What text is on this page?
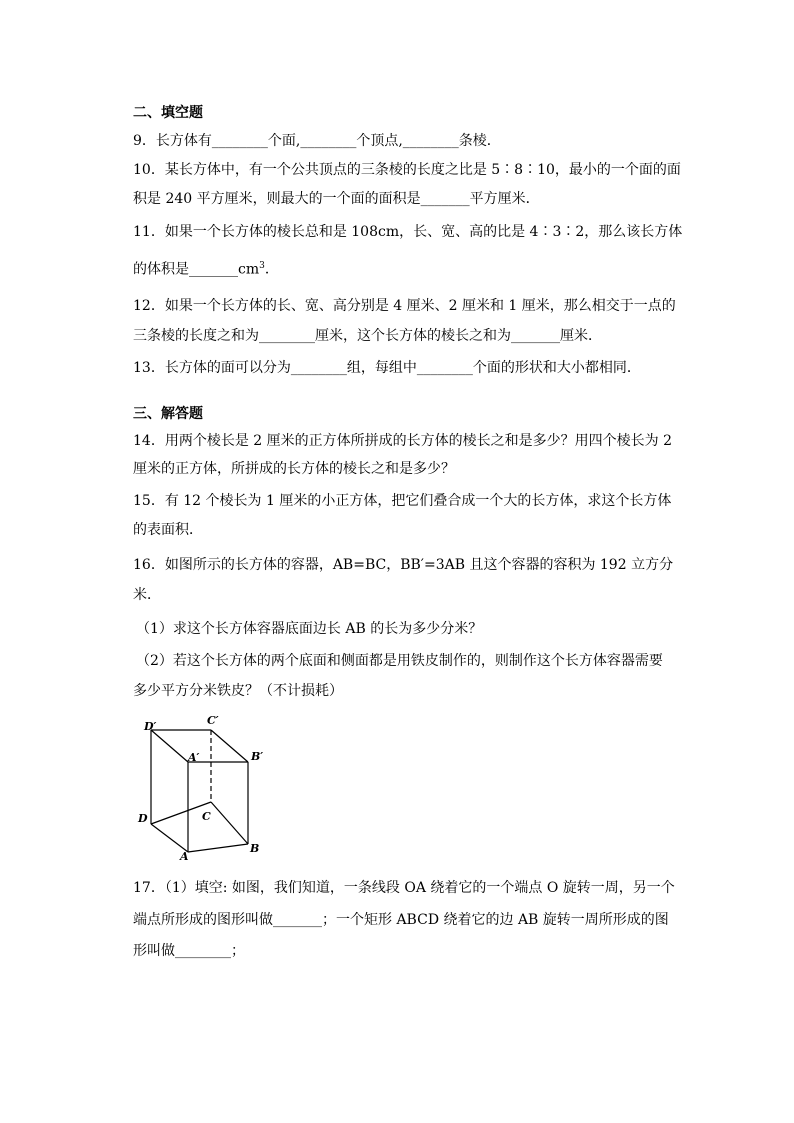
二、填空题
9．长方体有________个面,________个顶点,________条棱．
10．某长方体中，有一个公共顶点的三条棱的长度之比是 5∶8∶10，最小的一个面的面
积是 240 平方厘米，则最大的一个面的面积是_______平方厘米．
11．如果一个长方体的棱长总和是 108cm，长、宽、高的比是 4∶3∶2，那么该长方体
的体积是$\_\_\_\_\_\_\_cm^3$．
12．如果一个长方体的长、宽、高分别是 4 厘米、2 厘米和 1 厘米，那么相交于一点的
三条棱的长度之和为________厘米，这个长方体的棱长之和为_______厘米．
13．长方体的面可以分为________组，每组中________个面的形状和大小都相同．
三、解答题
14．用两个棱长是 2 厘米的正方体所拼成的长方体的棱长之和是多少？用四个棱长为 2
厘米的正方体，所拼成的长方体的棱长之和是多少？
15．有 12 个棱长为 1 厘米的小正方体，把它们叠合成一个大的长方体，求这个长方体
的表面积．
16．如图所示的长方体的容器，AB=BC，BB′=3AB 且这个容器的容积为 192 立方分
米．
（1）求这个长方体容器底面边长 AB 的长为多少分米？
（2）若这个长方体的两个底面和侧面都是用铁皮制作的，则制作这个长方体容器需要
多少平方分米铁皮？（不计损耗）
D′	C′
A′	B′
D	C
A
B
17．（1）填空: 如图，我们知道，一条线段 OA 绕着它的一个端点 O 旋转一周，另一个
端点所形成的图形叫做_______；一个矩形 ABCD 绕着它的边 AB 旋转一周所形成的图
形叫做________；
